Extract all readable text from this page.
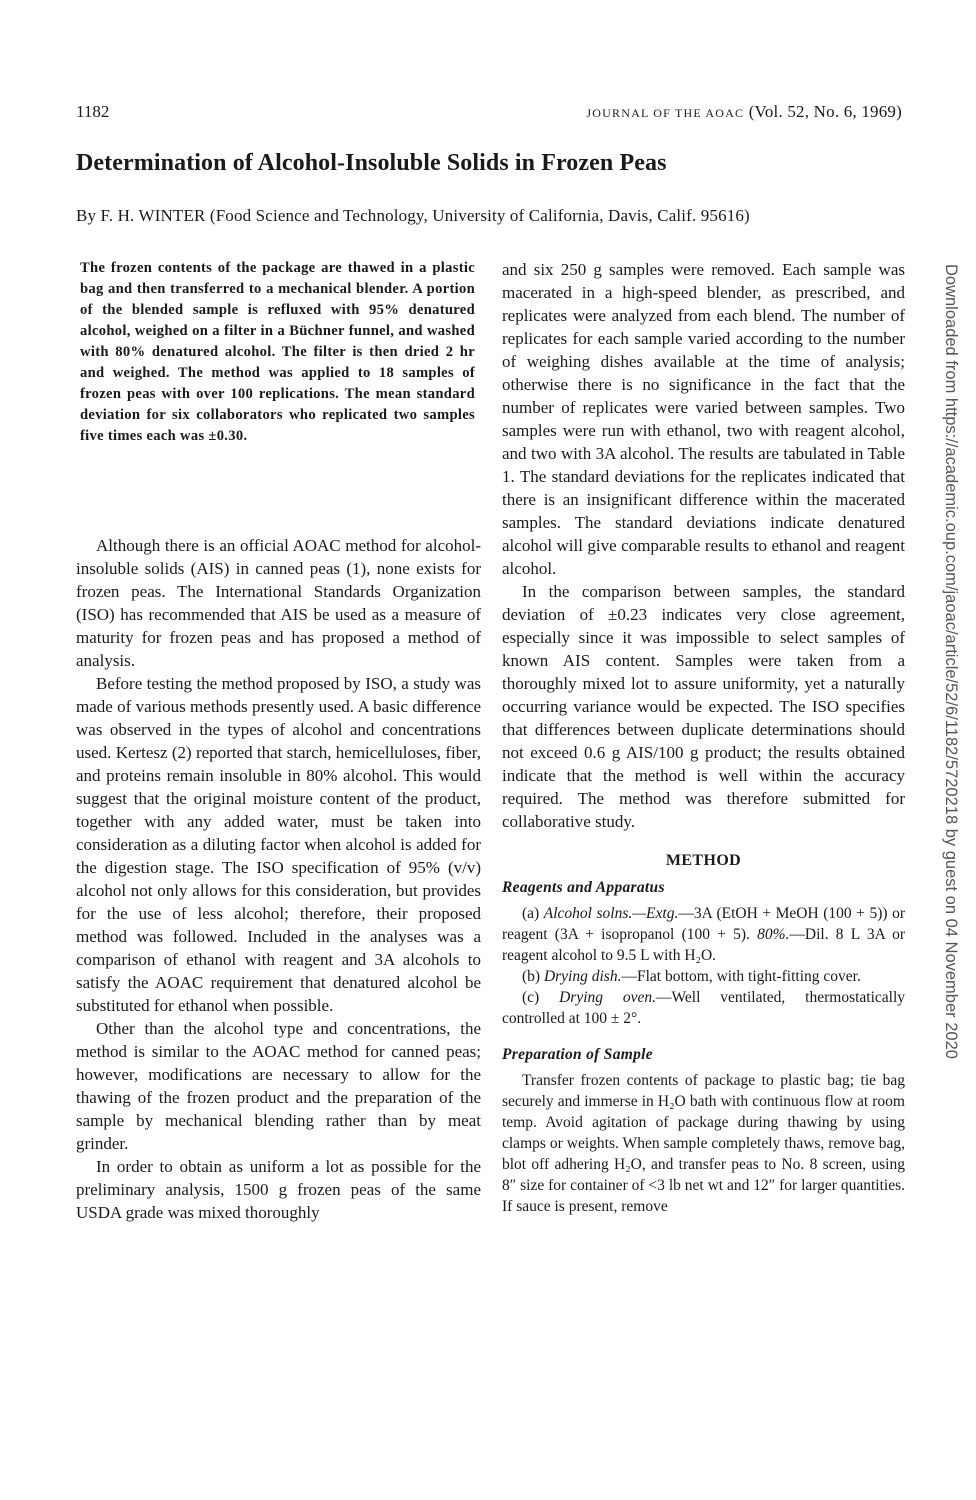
1182	JOURNAL OF THE AOAC (Vol. 52, No. 6, 1969)
Determination of Alcohol-Insoluble Solids in Frozen Peas
By F. H. WINTER (Food Science and Technology, University of California, Davis, Calif. 95616)

The frozen contents of the package are thawed in a plastic bag and then transferred to a mechanical blender. A portion of the blended sample is refluxed with 95% denatured alcohol, weighed on a filter in a Büchner funnel, and washed with 80% denatured alcohol. The filter is then dried 2 hr and weighed. The method was applied to 18 samples of frozen peas with over 100 replications. The mean standard deviation for six collaborators who replicated two samples five times each was ±0.30.

Although there is an official AOAC method for alcohol-insoluble solids (AIS) in canned peas (1), none exists for frozen peas. The International Standards Organization (ISO) has recommended that AIS be used as a measure of maturity for frozen peas and has proposed a method of analysis.

Before testing the method proposed by ISO, a study was made of various methods presently used. A basic difference was observed in the types of alcohol and concentrations used. Kertesz (2) reported that starch, hemicelluloses, fiber, and proteins remain insoluble in 80% alcohol. This would suggest that the original moisture content of the product, together with any added water, must be taken into consideration as a diluting factor when alcohol is added for the digestion stage. The ISO specification of 95% (v/v) alcohol not only allows for this consideration, but provides for the use of less alcohol; therefore, their proposed method was followed. Included in the analyses was a comparison of ethanol with reagent and 3A alcohols to satisfy the AOAC requirement that denatured alcohol be substituted for ethanol when possible.

Other than the alcohol type and concentrations, the method is similar to the AOAC method for canned peas; however, modifications are necessary to allow for the thawing of the frozen product and the preparation of the sample by mechanical blending rather than by meat grinder.

In order to obtain as uniform a lot as possible for the preliminary analysis, 1500 g frozen peas of the same USDA grade was mixed thoroughly

and six 250 g samples were removed. Each sample was macerated in a high-speed blender, as prescribed, and replicates were analyzed from each blend. The number of replicates for each sample varied according to the number of weighing dishes available at the time of analysis; otherwise there is no significance in the fact that the number of replicates were varied between samples. Two samples were run with ethanol, two with reagent alcohol, and two with 3A alcohol. The results are tabulated in Table 1. The standard deviations for the replicates indicated that there is an insignificant difference within the macerated samples. The standard deviations indicate denatured alcohol will give comparable results to ethanol and reagent alcohol.

In the comparison between samples, the standard deviation of ±0.23 indicates very close agreement, especially since it was impossible to select samples of known AIS content. Samples were taken from a thoroughly mixed lot to assure uniformity, yet a naturally occurring variance would be expected. The ISO specifies that differences between duplicate determinations should not exceed 0.6 g AIS/100 g product; the results obtained indicate that the method is well within the accuracy required. The method was therefore submitted for collaborative study.

METHOD
Reagents and Apparatus

(a) Alcohol solns.—Extg.—3A (EtOH + MeOH (100 + 5)) or reagent (3A + isopropanol (100 + 5). 80%.—Dil. 8 L 3A or reagent alcohol to 9.5 L with H₂O.

(b) Drying dish.—Flat bottom, with tight-fitting cover.

(c) Drying oven.—Well ventilated, thermostatically controlled at 100 ± 2°.

Preparation of Sample

Transfer frozen contents of package to plastic bag; tie bag securely and immerse in H₂O bath with continuous flow at room temp. Avoid agitation of package during thawing by using clamps or weights. When sample completely thaws, remove bag, blot off adhering H₂O, and transfer peas to No. 8 screen, using 8″ size for container of <3 lb net wt and 12″ for larger quantities. If sauce is present, remove

Downloaded from https://academic.oup.com/jaoac/article/52/6/1182/5720218 by guest on 04 November 2020
